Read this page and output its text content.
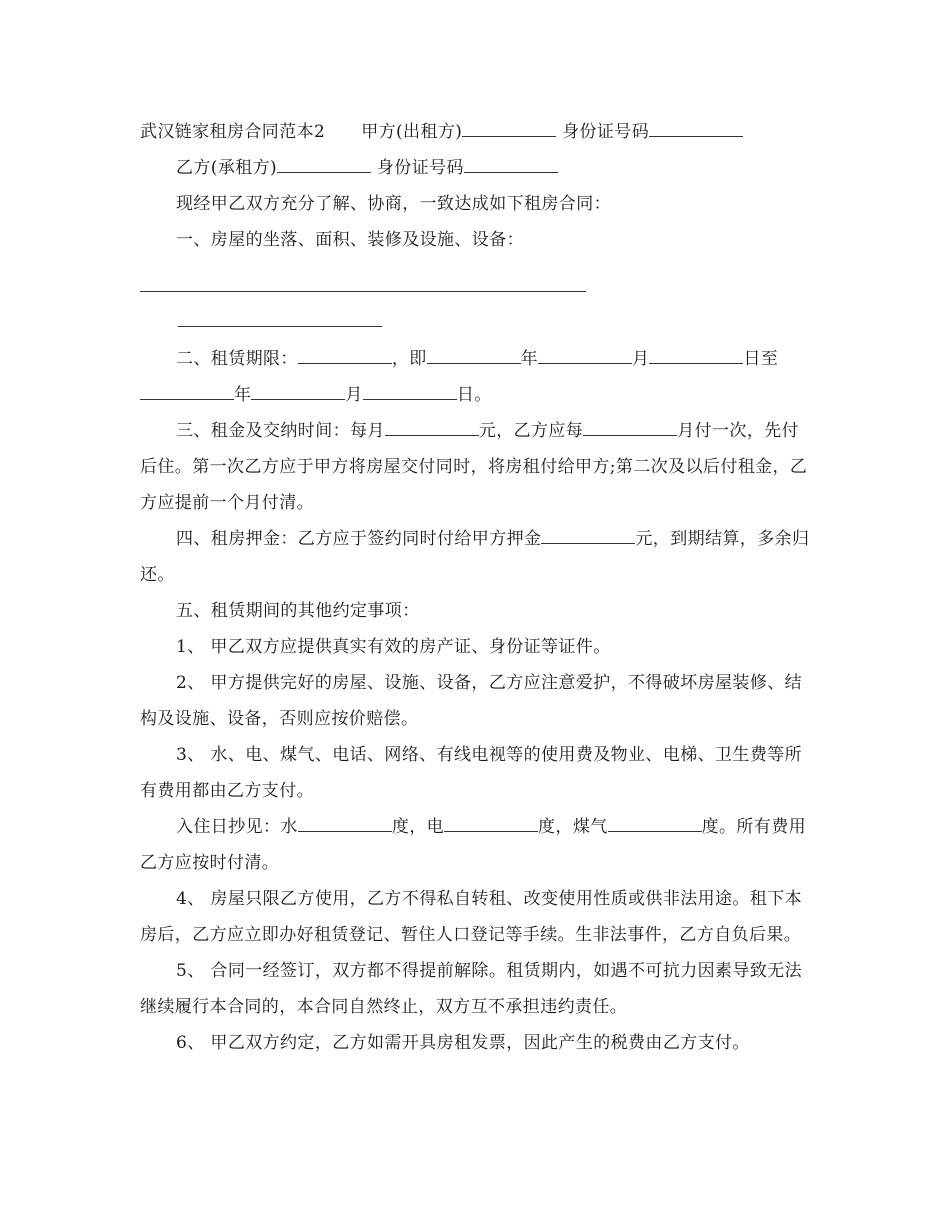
武汉链家租房合同范本2 甲方(出租方)	身份证号码

乙方(承租方)	身份证号码

现经甲乙双方充分了解、协商，一致达成如下租房合同：

一、房屋的坐落、面积、装修及设施、设备：

二、租赁期限：	，即	年	月	日至年	月	日。

三、租金及交纳时间：每月	元，乙方应每	月付一次，先付后住。第一次乙方应于甲方将房屋交付同时，将房租付给甲方;第二次及以后付租金，乙方应提前一个月付清。

四、租房押金：乙方应于签约同时付给甲方押金	元，到期结算，多余归还。

五、租赁期间的其他约定事项：

1、 甲乙双方应提供真实有效的房产证、身份证等证件。

2、 甲方提供完好的房屋、设施、设备，乙方应注意爱护，不得破坏房屋装修、结构及设施、设备，否则应按价赔偿。

3、 水、电、煤气、电话、网络、有线电视等的使用费及物业、电梯、卫生费等所有费用都由乙方支付。

入住日抄见：水	度，电	度，煤气	度。所有费用乙方应按时付清。

4、 房屋只限乙方使用，乙方不得私自转租、改变使用性质或供非法用途。租下本房后，乙方应立即办好租赁登记、暂住人口登记等手续。生非法事件，乙方自负后果。

5、 合同一经签订，双方都不得提前解除。租赁期内，如遇不可抗力因素导致无法继续履行本合同的，本合同自然终止，双方互不承担违约责任。

6、 甲乙双方约定，乙方如需开具房租发票，因此产生的税费由乙方支付。
